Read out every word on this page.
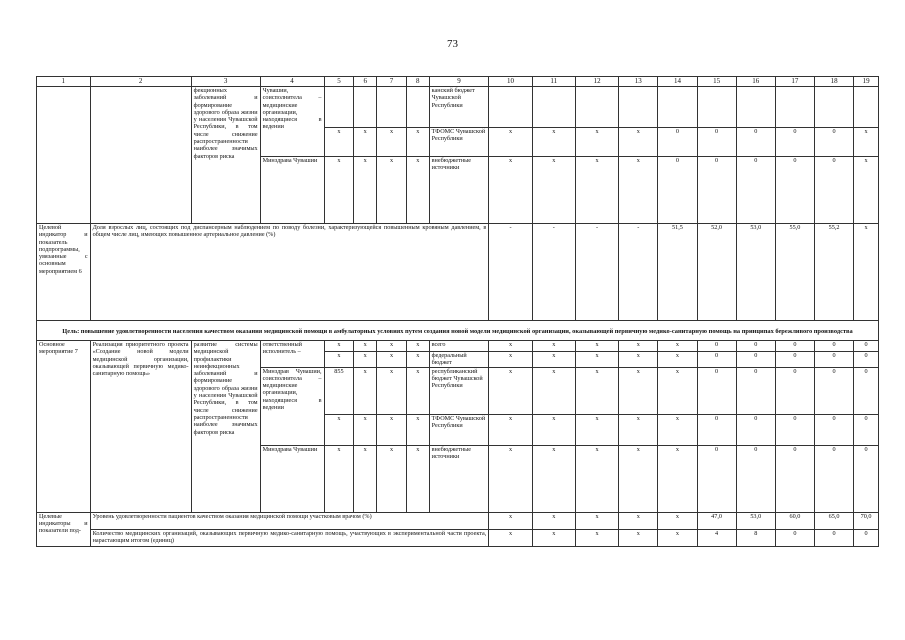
73
1	2	3	4	5	6	7	8	9	10	11	12	13	14	15	16	17	18	19
		фекционных заболеваний и формирование здорового образа жизни у населения Чувашской Республики, в том числе снижение распространенности наиболее значимых факторов риска	Чувашии, соисполнитела – медицинские организации, находящиеся в ведении					канский бюджет Чувашской Республики										
				х	х	х	х	ТФОМС Чувашской Республики	х	х	х	х	0	0	0	0	0	х
			Минздрава Чувашии	х	х	х	х	внебюджетные источники	х	х	х	х	0	0	0	0	0	х
Целевой индикатор и показатель подпрограммы, увязанные с основным мероприятием 6	Доля взрослых лиц, состоящих под диспансерным наблюдением по поводу болезни, характеризующейся повышенным кровяным давлением, в общем числе лиц, имеющих повышенное артериальное давление (%)								-	-	-	-	51,5	52,0	53,0	55,0	55,2	х
Цель: повышение удовлетворенности населения качеством оказания медицинской помощи в амбулаторных условиях путем создания новой модели медицинской организации, оказывающей первичную медико-санитарную помощь на принципах бережливого производства																		
Основное мероприятие 7	Реализация приоритетного проекта «Создание новой модели медицинской организации, оказывающей первичную медико-санитарную помощь»	развитие системы медицинской профилактики неинфекционных заболеваний и формирование здорового образа жизни у населения Чувашской Республики, в том числе снижение распространенности наиболее значимых факторов риска	ответственный исполнитель –	х	х	х	х	всего	х	х	х	х	х	0	0	0	0	0
				х	х	х	х	федеральный бюджет	х	х	х	х	х	0	0	0	0	0
			Минздрав Чувашии, соисполнитела – медицинские организации, находящиеся в ведении	855	х	х	х	республиканский бюджет Чувашской Республики	х	х	х	х	х	0	0	0	0	0
				х	х	х	х	ТФОМС Чувашской Республики	х	х	х	х	х	0	0	0	0	0
			Минздрава Чувашии	х	х	х	х	внебюджетные источники	х	х	х	х	х	0	0	0	0	0
Целевые индикаторы и показатели под-	Уровень удовлетворенности пациентов качеством оказания медицинской помощи участковым врачом (%)								х	х	х	х	х	47,0	53,0	60,0	65,0	70,0
	Количество медицинских организаций, оказывающих первичную медико-санитарную помощь, участвующих в экспериментальной части проекта, нарастающим итогом (единиц)								х	х	х	х	х	4	8	0	0	0
